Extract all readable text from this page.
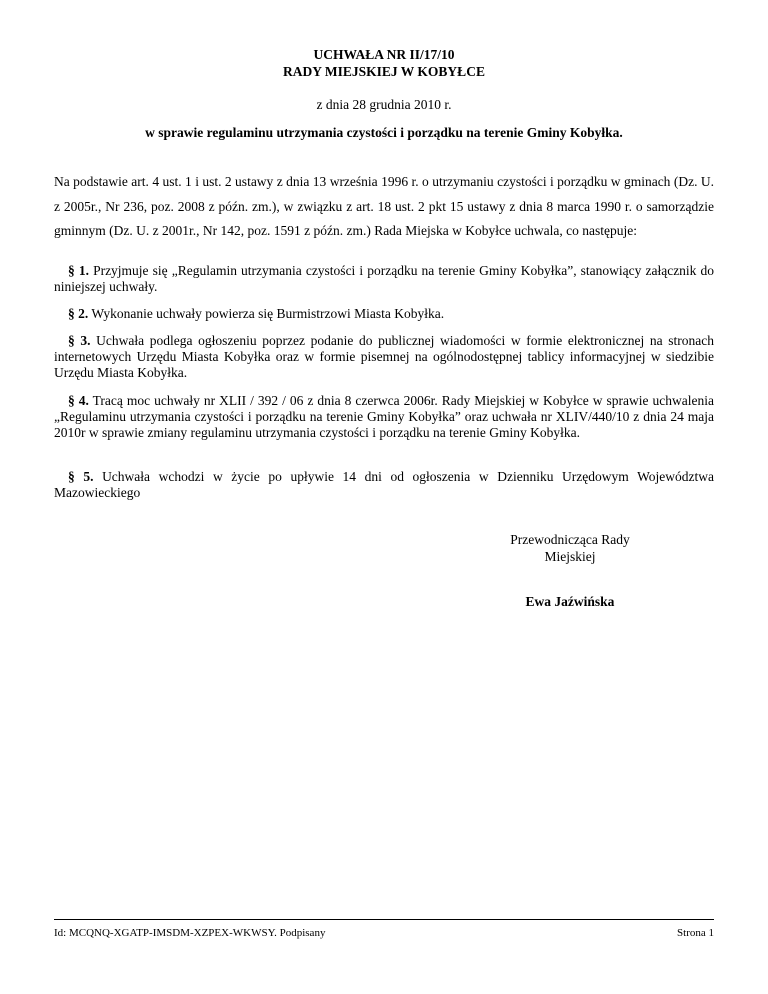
UCHWAŁA NR II/17/10
RADY MIEJSKIEJ W KOBYŁCE
z dnia 28 grudnia 2010 r.
w sprawie regulaminu utrzymania czystości i porządku na terenie Gminy Kobyłka.
Na podstawie art. 4 ust. 1 i ust. 2 ustawy z dnia 13 września 1996 r. o utrzymaniu czystości i porządku w gminach (Dz. U. z 2005r., Nr 236, poz. 2008 z późn. zm.), w związku z art. 18 ust. 2 pkt 15 ustawy z dnia 8 marca 1990 r. o samorządzie gminnym (Dz. U. z 2001r., Nr 142, poz. 1591 z późn. zm.) Rada Miejska w Kobyłce uchwala, co następuje:
§ 1. Przyjmuje się „Regulamin utrzymania czystości i porządku na terenie Gminy Kobyłka”, stanowiący załącznik do niniejszej uchwały.
§ 2. Wykonanie uchwały powierza się Burmistrzowi Miasta Kobyłka.
§ 3. Uchwała podlega ogłoszeniu poprzez podanie do publicznej wiadomości w formie elektronicznej na stronach internetowych Urzędu Miasta Kobyłka oraz w formie pisemnej na ogólnodostępnej tablicy informacyjnej w siedzibie Urzędu Miasta Kobyłka.
§ 4. Tracą moc uchwały nr XLII / 392 / 06 z dnia 8 czerwca 2006r. Rady Miejskiej w Kobyłce w sprawie uchwalenia „Regulaminu utrzymania czystości i porządku na terenie Gminy Kobyłka” oraz uchwała nr XLIV/440/10 z dnia 24 maja 2010r w sprawie zmiany regulaminu utrzymania czystości i porządku na terenie Gminy Kobyłka.
§ 5. Uchwała wchodzi w życie po upływie 14 dni od ogłoszenia w Dzienniku Urzędowym Województwa Mazowieckiego
Przewodnicząca Rady
Miejskiej
Ewa Jaźwińska
Id: MCQNQ-XGATP-IMSDM-XZPEX-WKWSY. Podpisany	Strona 1
